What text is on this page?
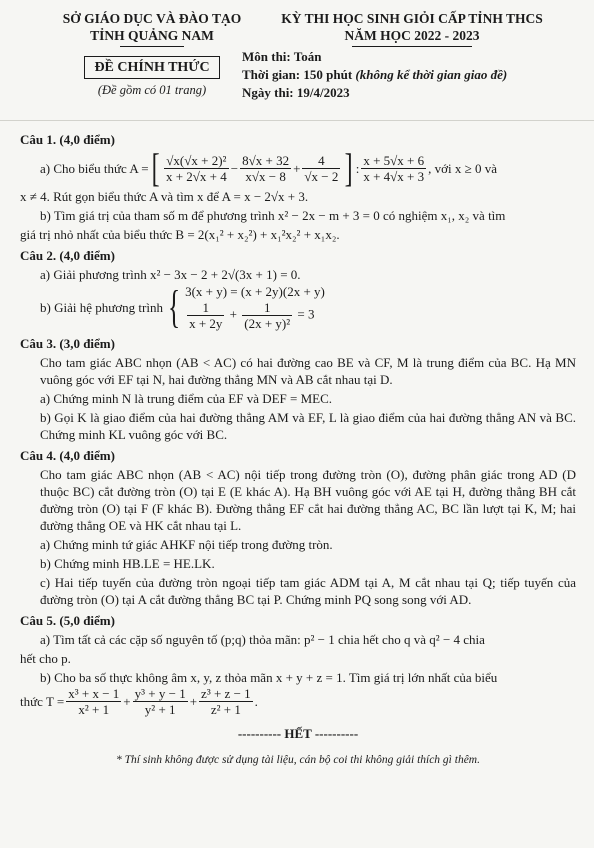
SỞ GIÁO DỤC VÀ ĐÀO TẠO
TỈNH QUẢNG NAM
ĐỀ CHÍNH THỨC
(Đề gồm có 01 trang)
KỲ THI HỌC SINH GIỎI CẤP TỈNH THCS
NĂM HỌC 2022 - 2023
Môn thi: Toán
Thời gian: 150 phút (không kể thời gian giao đề)
Ngày thi: 19/4/2023
Câu 1. (4,0 điểm)
a) Cho biểu thức A = [ $\frac{\text{√x(√x + 2)²}}{x + 2√x + 4} - \frac{8√x + 32}{x√x - 8} + \frac{4}{√x - 2}$ ] : $\frac{x + 5√x + 6}{x + 4√x + 3}$ , với x ≥ 0 và
x ≠ 4. Rút gọn biểu thức A và tìm x để A = x − 2√x + 3.
b) Tìm giá trị của tham số m để phương trình x² − 2x − m + 3 = 0 có nghiệm x₁, x₂ và tìm
giá trị nhỏ nhất của biểu thức B = 2(x₁² + x₂²) + x₁²x₂² + x₁x₂.
Câu 2. (4,0 điểm)
a) Giải phương trình x² − 3x − 2 + 2√(3x + 1) = 0.
b) Giải hệ phương trình { 3(x + y) = (x + 2y)(2x + y)
$\frac{1}{x + 2y} + \frac{1}{\text{(2x + y)²}} = 3$
Câu 3. (3,0 điểm)
Cho tam giác ABC nhọn (AB < AC) có hai đường cao BE và CF, M là trung điểm của BC. Hạ MN vuông góc với EF tại N, hai đường thẳng MN và AB cắt nhau tại D.
a) Chứng minh N là trung điểm của EF và DEF = MEC.
b) Gọi K là giao điểm của hai đường thẳng AM và EF, L là giao điểm của hai đường thẳng AN và BC. Chứng minh KL vuông góc với BC.
Câu 4. (4,0 điểm)
Cho tam giác ABC nhọn (AB < AC) nội tiếp trong đường tròn (O), đường phân giác trong AD (D thuộc BC) cắt đường tròn (O) tại E (E khác A). Hạ BH vuông góc với AE tại H, đường thẳng BH cắt đường tròn (O) tại F (F khác B). Đường thẳng EF cắt hai đường thẳng AC, BC lần lượt tại K, M; hai đường thẳng OE và HK cắt nhau tại L.
a) Chứng minh tứ giác AHKF nội tiếp trong đường tròn.
b) Chứng minh HB.LE = HE.LK.
c) Hai tiếp tuyến của đường tròn ngoại tiếp tam giác ADM tại A, M cắt nhau tại Q; tiếp tuyến của đường tròn (O) tại A cắt đường thẳng BC tại P. Chứng minh PQ song song với AD.
Câu 5. (5,0 điểm)
a) Tìm tất cả các cặp số nguyên tố (p;q) thỏa mãn: p² − 1 chia hết cho q và q² − 4 chia
hết cho p.
b) Cho ba số thực không âm x, y, z thỏa mãn x + y + z = 1. Tìm giá trị lớn nhất của biểu
thức $T = \frac{\text{x³ + x − 1}}{\text{x² + 1}} + \frac{\text{y³ + y − 1}}{\text{y² + 1}} + \frac{\text{z³ + z − 1}}{\text{z² + 1}}$ .
---------- HẾT ----------
* Thí sinh không được sử dụng tài liệu, cán bộ coi thi không giải thích gì thêm.
